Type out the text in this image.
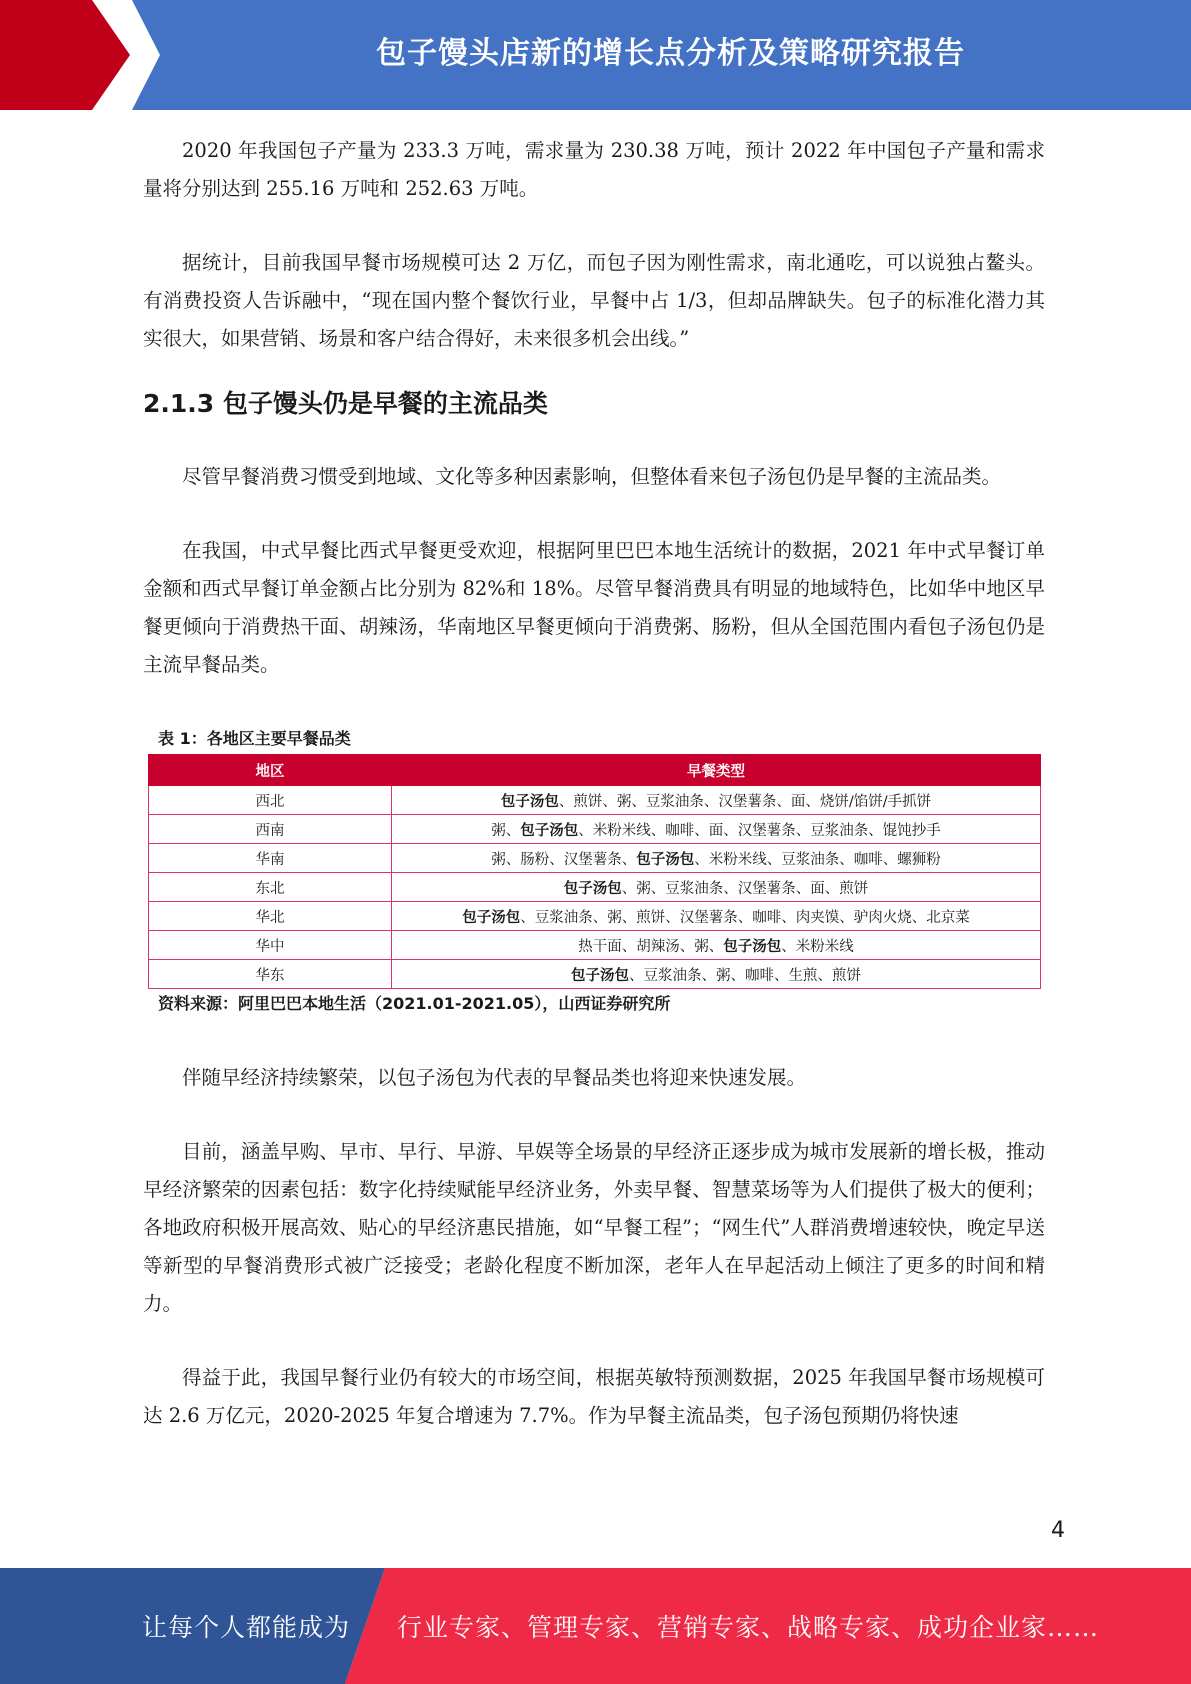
包子馒头店新的增长点分析及策略研究报告

2020 年我国包子产量为 233.3 万吨，需求量为 230.38 万吨，预计 2022 年中国包子产量和需求量将分别达到 255.16 万吨和 252.63 万吨。

据统计，目前我国早餐市场规模可达 2 万亿，而包子因为刚性需求，南北通吃，可以说独占鳌头。有消费投资人告诉融中，“现在国内整个餐饮行业，早餐中占 1/3，但却品牌缺失。包子的标准化潜力其实很大，如果营销、场景和客户结合得好，未来很多机会出线。”

2.1.3 包子馒头仍是早餐的主流品类

尽管早餐消费习惯受到地域、文化等多种因素影响，但整体看来包子汤包仍是早餐的主流品类。

在我国，中式早餐比西式早餐更受欢迎，根据阿里巴巴本地生活统计的数据，2021 年中式早餐订单金额和西式早餐订单金额占比分别为 82%和 18%。尽管早餐消费具有明显的地域特色，比如华中地区早餐更倾向于消费热干面、胡辣汤，华南地区早餐更倾向于消费粥、肠粉，但从全国范围内看包子汤包仍是主流早餐品类。

表 1：各地区主要早餐品类
地区	早餐类型
西北	包子汤包、煎饼、粥、豆浆油条、汉堡薯条、面、烧饼/馅饼/手抓饼
西南	粥、包子汤包、米粉米线、咖啡、面、汉堡薯条、豆浆油条、馄饨抄手
华南	粥、肠粉、汉堡薯条、包子汤包、米粉米线、豆浆油条、咖啡、螺狮粉
东北	包子汤包、粥、豆浆油条、汉堡薯条、面、煎饼
华北	包子汤包、豆浆油条、粥、煎饼、汉堡薯条、咖啡、肉夹馍、驴肉火烧、北京菜
华中	热干面、胡辣汤、粥、包子汤包、米粉米线
华东	包子汤包、豆浆油条、粥、咖啡、生煎、煎饼
资料来源：阿里巴巴本地生活（2021.01-2021.05），山西证券研究所

伴随早经济持续繁荣，以包子汤包为代表的早餐品类也将迎来快速发展。

目前，涵盖早购、早市、早行、早游、早娱等全场景的早经济正逐步成为城市发展新的增长极，推动早经济繁荣的因素包括：数字化持续赋能早经济业务，外卖早餐、智慧菜场等为人们提供了极大的便利；各地政府积极开展高效、贴心的早经济惠民措施，如“早餐工程”；“网生代”人群消费增速较快，晚定早送等新型的早餐消费形式被广泛接受；老龄化程度不断加深，老年人在早起活动上倾注了更多的时间和精力。

得益于此，我国早餐行业仍有较大的市场空间，根据英敏特预测数据，2025 年我国早餐市场规模可达 2.6 万亿元，2020-2025 年复合增速为 7.7%。作为早餐主流品类，包子汤包预期仍将快速

4
让每个人都能成为 行业专家、管理专家、营销专家、战略专家、成功企业家……
